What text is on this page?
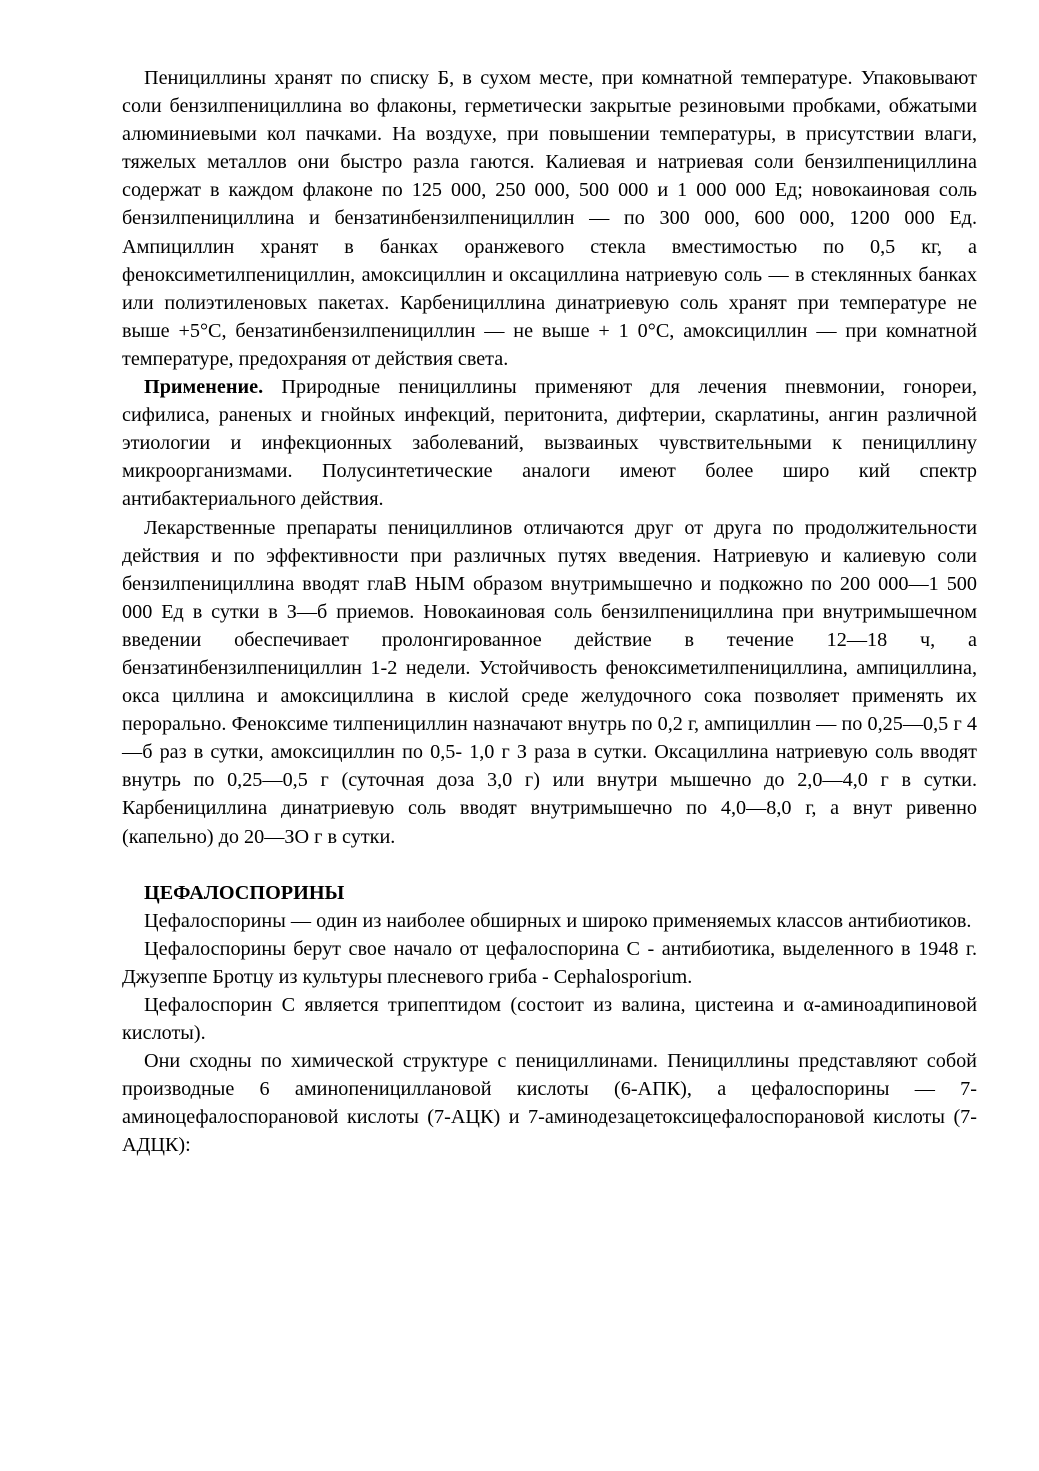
Пенициллины хранят по списку Б, в сухом месте, при комнатной температуре. Упаковывают соли бензилпенициллина во флаконы, герметически закрытые резиновыми пробками, обжатыми алюминиевыми кол пачками. На воздухе, при повышении температуры, в присутствии влаги, тяжелых металлов они быстро разла гаются. Калиевая и натриевая соли бензилпенициллина содержат в каждом флаконе по 125 000, 250 000, 500 000 и 1 000 000 Ед; новокаиновая соль бензилпенициллина и бензатинбензилпенициллин — по 300 000, 600 000, 1200 000 Ед. Ампициллин хранят в банках оранжевого стекла вместимостью по 0,5 кг, а феноксиметилпенициллин, амоксициллин и оксациллина натриевую соль — в стеклянных банках или полиэтиленовых пакетах. Карбенициллина динатриевую соль хранят при температуре не выше +5°С, бензатинбензилпенициллин — не выше + 1 0°С, амоксициллин — при комнатной температуре, предохраняя от действия света.

Применение. Природные пенициллины применяют для лечения пневмонии, гонореи, сифилиса, раненых и гнойных инфекций, перитонита, дифтерии, скарлатины, ангин различной этиологии и инфекционных заболеваний, вызваиных чувствительными к пенициллину микроорганизмами. Полусинтетические аналоги имеют более широ кий спектр антибактериального действия.

Лекарственные препараты пенициллинов отличаются друг от друга по продолжительности действия и по эффективности при различных путях введения. Натриевую и калиевую соли бензилпенициллина вводят глаВ НЫМ образом внутримышечно и подкожно по 200 000—1 500 000 Ед в сутки в З—б приемов. Новокаиновая соль бензилпенициллина при внутримышечном введении обеспечивает пролонгированное действие в течение 12—18 ч, а бензатинбензилпенициллин 1-2 недели. Устойчивость феноксиметилпенициллина, ампициллина, окса циллина и амоксициллина в кислой среде желудочного сока позволяет применять их перорально. Феноксиме тилпенициллин назначают внутрь по 0,2 г, ампициллин — по 0,25—0,5 г 4—б раз в сутки, амоксициллин по 0,5- 1,0 г З раза в сутки. Оксациллина натриевую соль вводят внутрь по 0,25—0,5 г (суточная доза 3,0 г) или внутри мышечно до 2,0—4,0 г в сутки. Карбенициллина динатриевую соль вводят внутримышечно по 4,0—8,0 г, а внут ривенно (капельно) до 20—ЗО г в сутки.

ЦЕФАЛОСПОРИНЫ

Цефалоспорины — один из наиболее обширных и широко применяемых классов антибиотиков.

Цефалоспорины берут свое начало от цефалоспорина С - антибиотика, выделенного в 1948 г. Джузеппе Бротцу из культуры плесневого гриба - Cephalosporium.

Цефалоспорин С является трипептидом (состоит из валина, цистеина и α-аминоадипиновой кислоты).

Они сходны по химической структуре с пенициллинами. Пенициллины представляют собой производные 6 аминопенициллановой кислоты (6-АПК), а цефалоспорины — 7-аминоцефалоспорановой кислоты (7-АЦК) и 7-аминодезацетоксицефалоспорановой кислоты (7-АДЦК):
